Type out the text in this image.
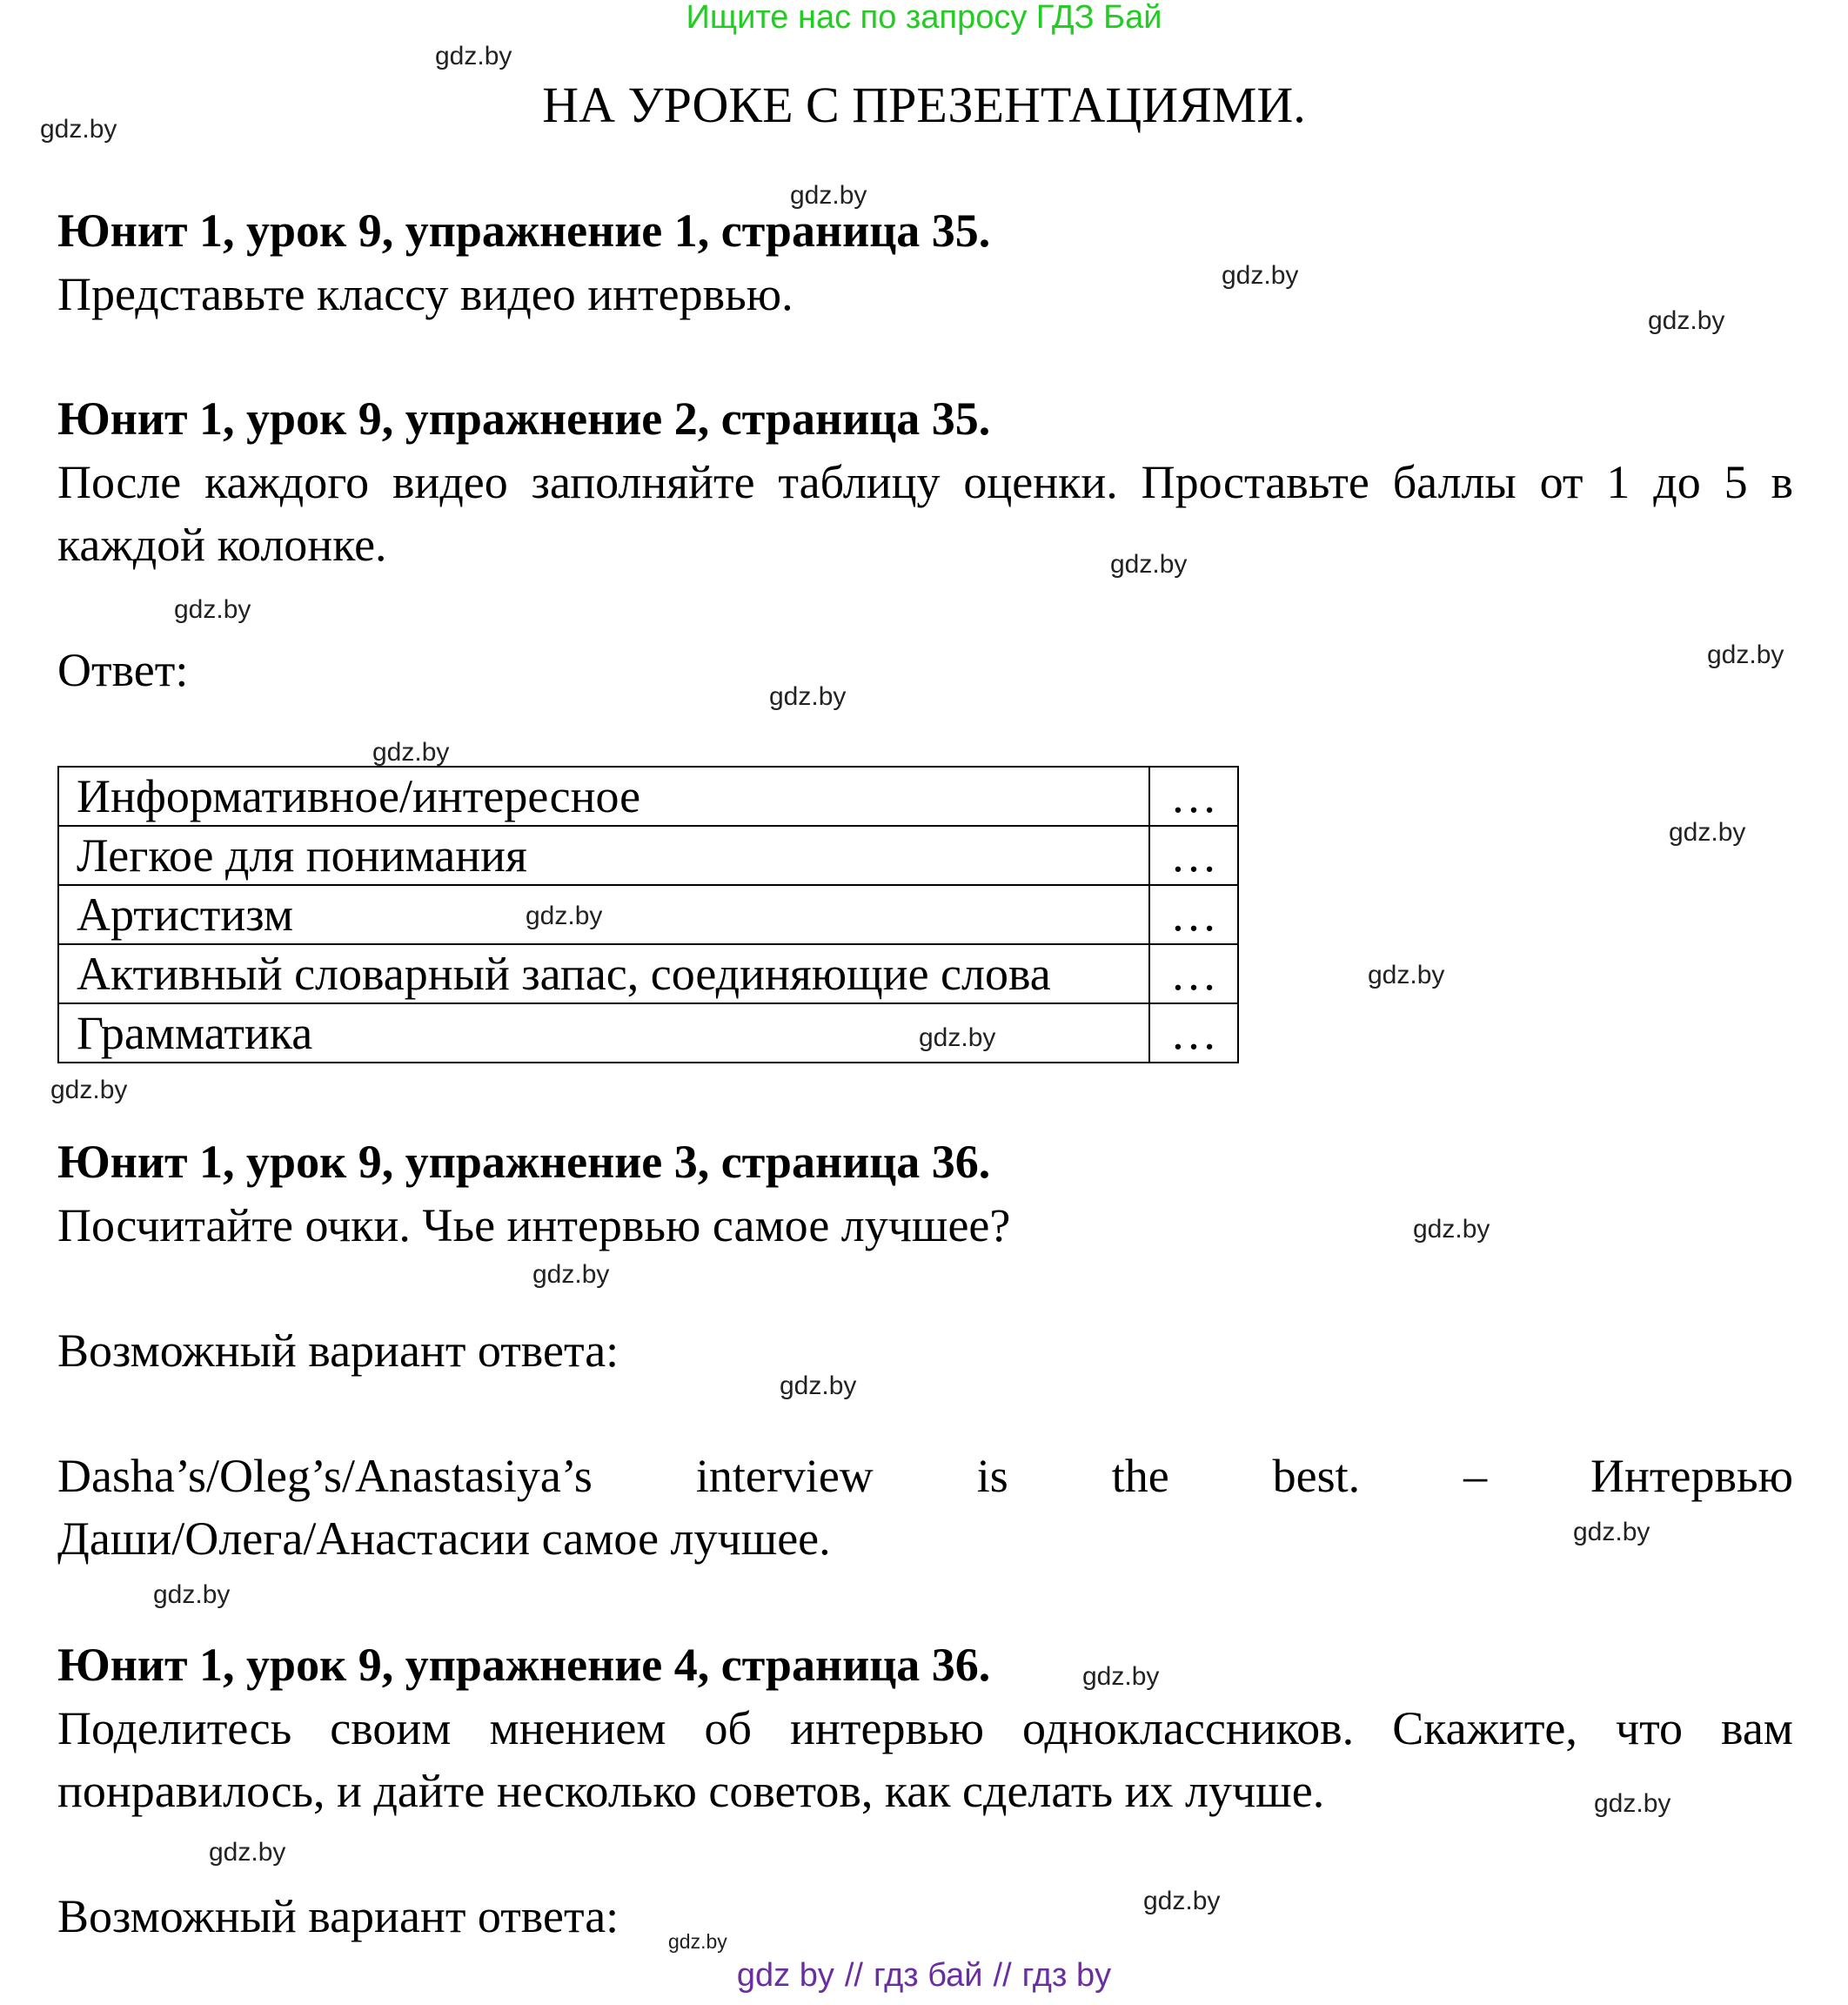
Ищите нас по запросу ГДЗ Бай
НА УРОКЕ С ПРЕЗЕНТАЦИЯМИ.
Юнит 1, урок 9, упражнение 1, страница 35.
Представьте классу видео интервью.
Юнит 1, урок 9, упражнение 2, страница 35.
После каждого видео заполняйте таблицу оценки. Проставьте баллы от 1 до 5 в
каждой колонке.
Ответ:
Информативное/интересное	…
Легкое для понимания	…
Артистизм	…
Активный словарный запас, соединяющие слова	…
Грамматика	…
Юнит 1, урок 9, упражнение 3, страница 36.
Посчитайте очки. Чье интервью самое лучшее?
Возможный вариант ответа:
Dasha’s/Oleg’s/Anastasiya’s interview is the best. – Интервью
Даши/Олега/Анастасии самое лучшее.
Юнит 1, урок 9, упражнение 4, страница 36.
Поделитесь своим мнением об интервью одноклассников. Скажите, что вам
понравилось, и дайте несколько советов, как сделать их лучше.
Возможный вариант ответа:
gdz.by
gdz.by
gdz.by
gdz.by
gdz.by
gdz.by
gdz.by
gdz.by
gdz.by
gdz.by
gdz.by
gdz.by
gdz.by
gdz.by
gdz.by
gdz.by
gdz.by
gdz.by
gdz.by
gdz.by
gdz.by
gdz.by
gdz.by
gdz.by
gdz.by
gdz by // гдз бай // гдз by
